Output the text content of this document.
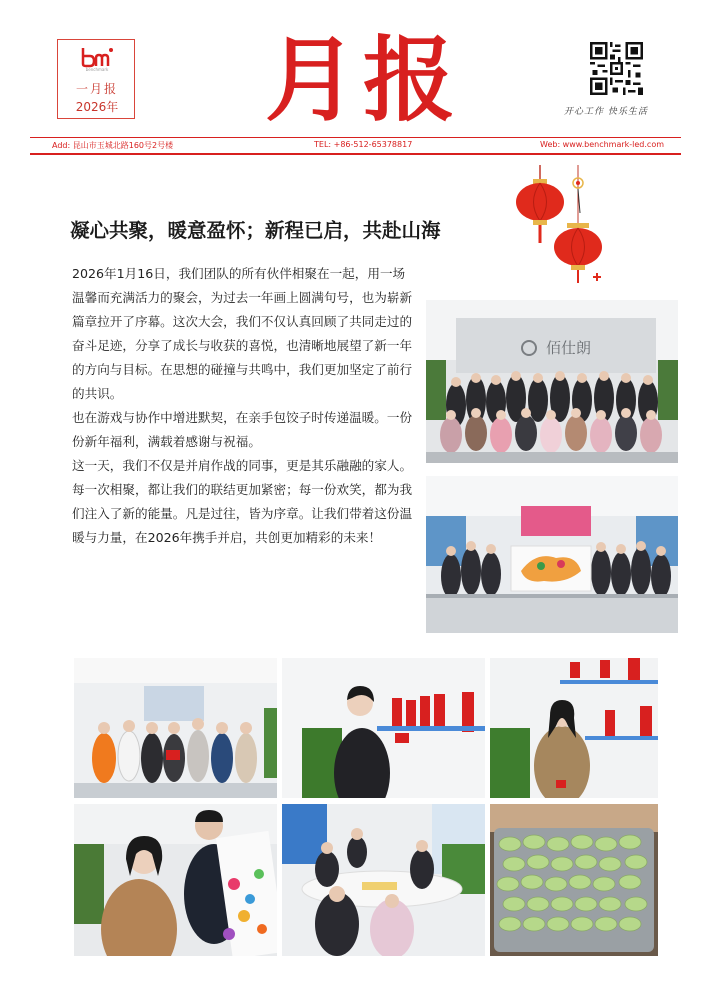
benchmark
一月报
2026年 月报	开心工作 快乐生活
Add: 昆山市玉城北路160号2号楼	TEL: +86-512-65378817	Web: www.benchmark-led.com
凝心共聚，暖意盈怀；新程已启，共赴山海

2026年1月16日，我们团队的所有伙伴相聚在一起，用一场温馨而充满活力的聚会，为过去一年画上圆满句号，也为崭新篇章拉开了序幕。这次大会，我们不仅认真回顾了共同走过的奋斗足迹，分享了成长与收获的喜悦，也清晰地展望了新一年的方向与目标。在思想的碰撞与共鸣中，我们更加坚定了前行的共识。

也在游戏与协作中增进默契，在亲手包饺子时传递温暖。一份份新年福利，满载着感谢与祝福。

这一天，我们不仅是并肩作战的同事，更是其乐融融的家人。每一次相聚，都让我们的联结更加紧密；每一份欢笑，都为我们注入了新的能量。凡是过往，皆为序章。让我们带着这份温暖与力量，在2026年携手并启，共创更加精彩的未来！

佰仕朗
